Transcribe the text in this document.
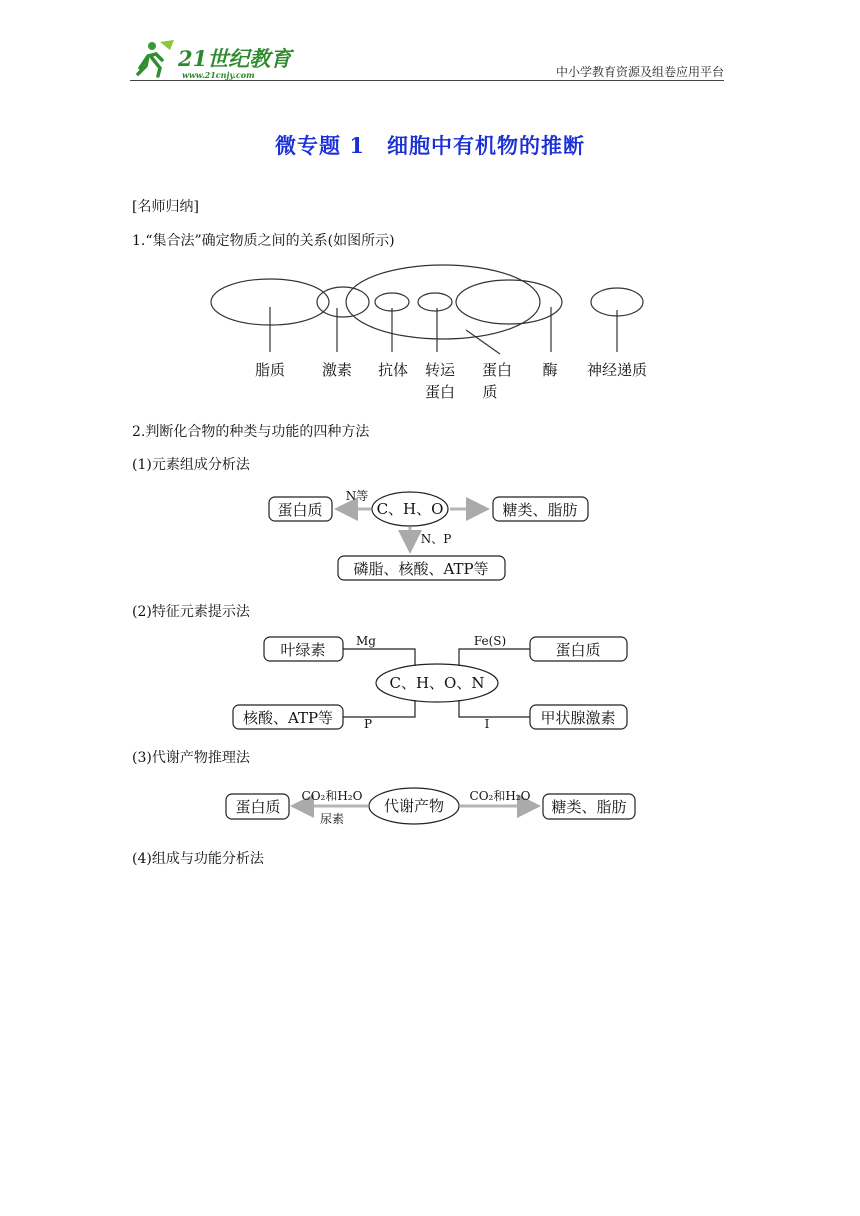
21世纪教育
www.21cnjy.com	中小学教育资源及组卷应用平台
微专题 1　细胞中有机物的推断
[名师归纳]
1.“集合法”确定物质之间的关系(如图所示)
脂质 激素 抗体 转运
蛋白
蛋白
质
酶 神经递质
2.判断化合物的种类与功能的四种方法
(1)元素组成分析法
C、H、O
蛋白质	糖类、脂肪
磷脂、核酸、ATP等
N等
N、P
(2)特征元素提示法
C、H、O、N
叶绿素	蛋白质
核酸、ATP等	甲状腺激素
Mg	Fe(S)
P	I
(3)代谢产物推理法
代谢产物
蛋白质	糖类、脂肪
CO₂和H₂O
尿素
CO₂和H₂O
(4)组成与功能分析法
